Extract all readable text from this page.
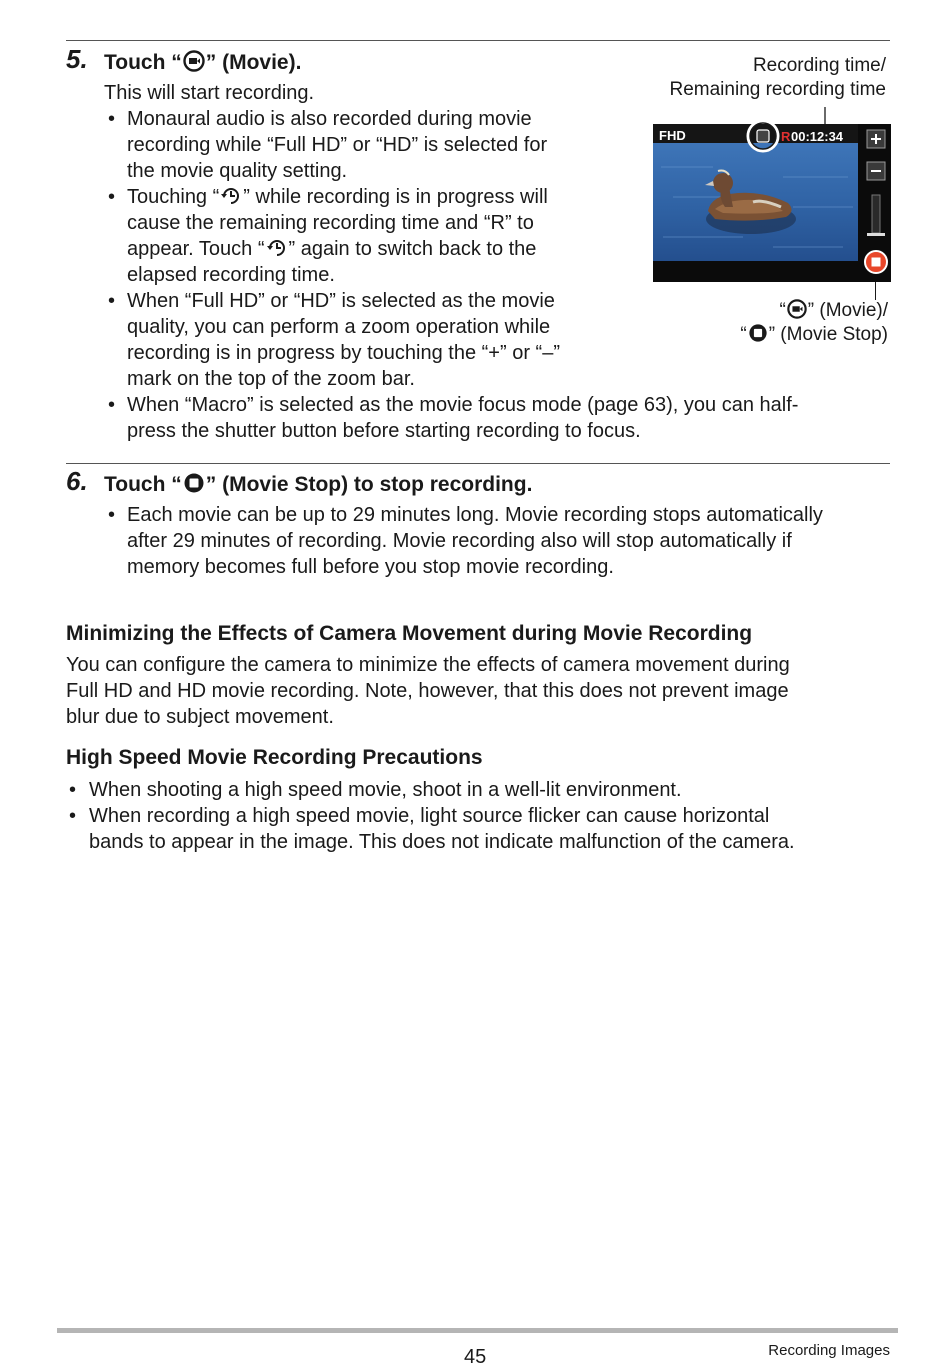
5. Touch “ ” (Movie).
This will start recording.
• Monaural audio is also recorded during movie
recording while “Full HD” or “HD” is selected for
the movie quality setting.
• Touching “ ” while recording is in progress will
cause the remaining recording time and “R” to
appear. Touch “ ” again to switch back to the
elapsed recording time.
• When “Full HD” or “HD” is selected as the movie
quality, you can perform a zoom operation while
recording is in progress by touching the “+” or “–”
mark on the top of the zoom bar.
• When “Macro” is selected as the movie focus mode (page 63), you can half-
press the shutter button before starting recording to focus.
Recording time/
Remaining recording time
FHD	R 00:12:34
“ ” (Movie)/
“ ” (Movie Stop)
6. Touch “ ” (Movie Stop) to stop recording.
• Each movie can be up to 29 minutes long. Movie recording stops automatically
after 29 minutes of recording. Movie recording also will stop automatically if
memory becomes full before you stop movie recording.
Minimizing the Effects of Camera Movement during Movie Recording
You can configure the camera to minimize the effects of camera movement during
Full HD and HD movie recording. Note, however, that this does not prevent image
blur due to subject movement.
High Speed Movie Recording Precautions
• When shooting a high speed movie, shoot in a well-lit environment.
• When recording a high speed movie, light source flicker can cause horizontal
bands to appear in the image. This does not indicate malfunction of the camera.
45	Recording Images
